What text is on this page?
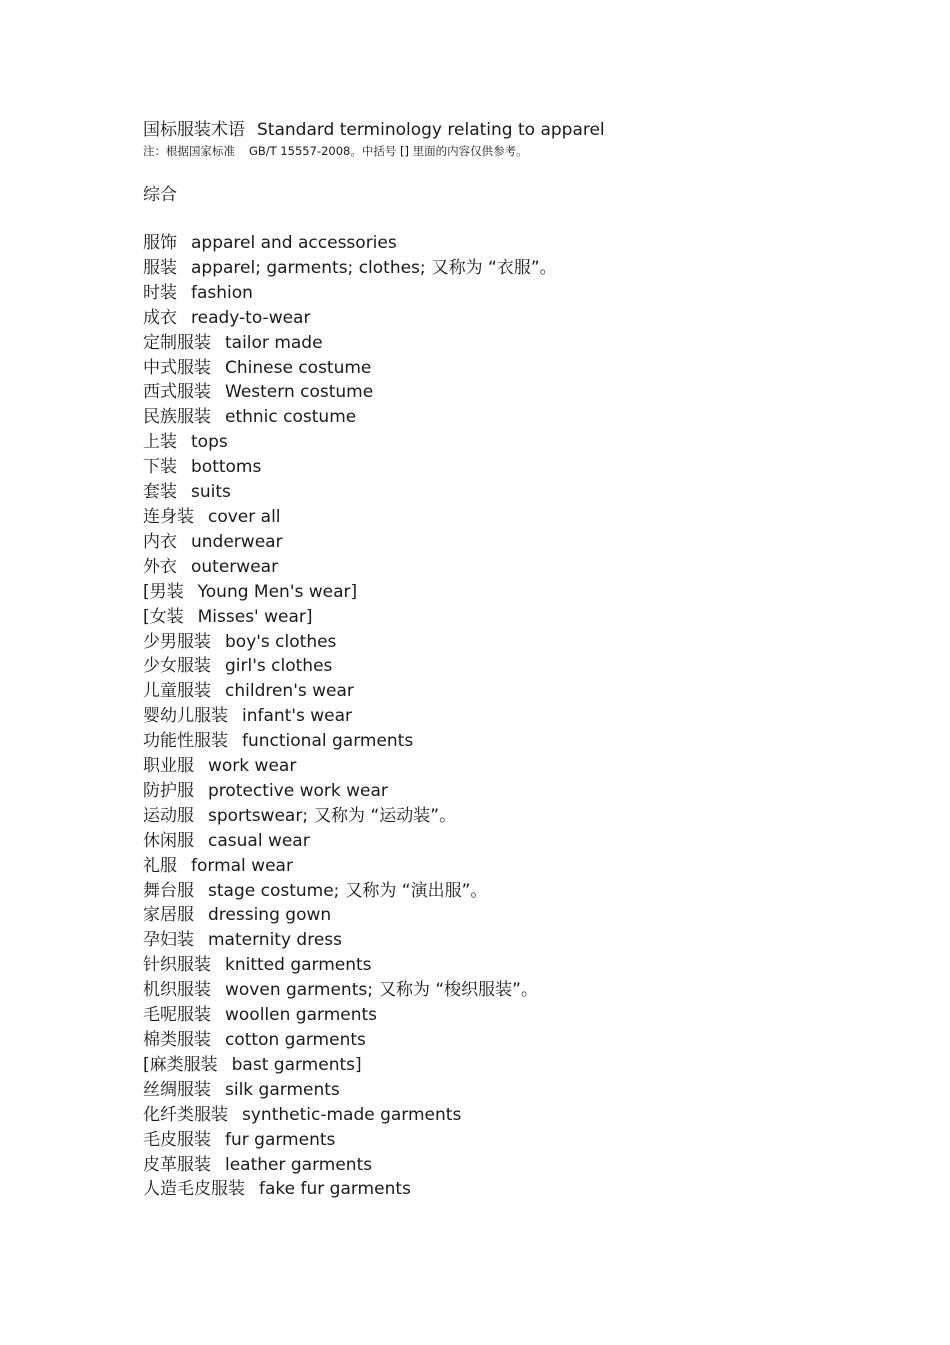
国标服装术语 Standard terminology relating to apparel
注：根据国家标准 GB/T 15557-2008。中括号 [] 里面的内容仅供参考。
综合
服饰 apparel and accessories
服装 apparel; garments; clothes; 又称为 “衣服”。
时装 fashion
成衣 ready-to-wear
定制服装 tailor made
中式服装 Chinese costume
西式服装 Western costume
民族服装 ethnic costume
上装 tops
下装 bottoms
套装 suits
连身装 cover all
内衣 underwear
外衣 outerwear
[男装 Young Men's wear]
[女装 Misses' wear]
少男服装 boy's clothes
少女服装 girl's clothes
儿童服装 children's wear
婴幼儿服装 infant's wear
功能性服装 functional garments
职业服 work wear
防护服 protective work wear
运动服 sportswear; 又称为 “运动装”。
休闲服 casual wear
礼服 formal wear
舞台服 stage costume; 又称为 “演出服”。
家居服 dressing gown
孕妇装 maternity dress
针织服装 knitted garments
机织服装 woven garments; 又称为 “梭织服装”。
毛呢服装 woollen garments
棉类服装 cotton garments
[麻类服装 bast garments]
丝绸服装 silk garments
化纤类服装 synthetic-made garments
毛皮服装 fur garments
皮革服装 leather garments
人造毛皮服装 fake fur garments
